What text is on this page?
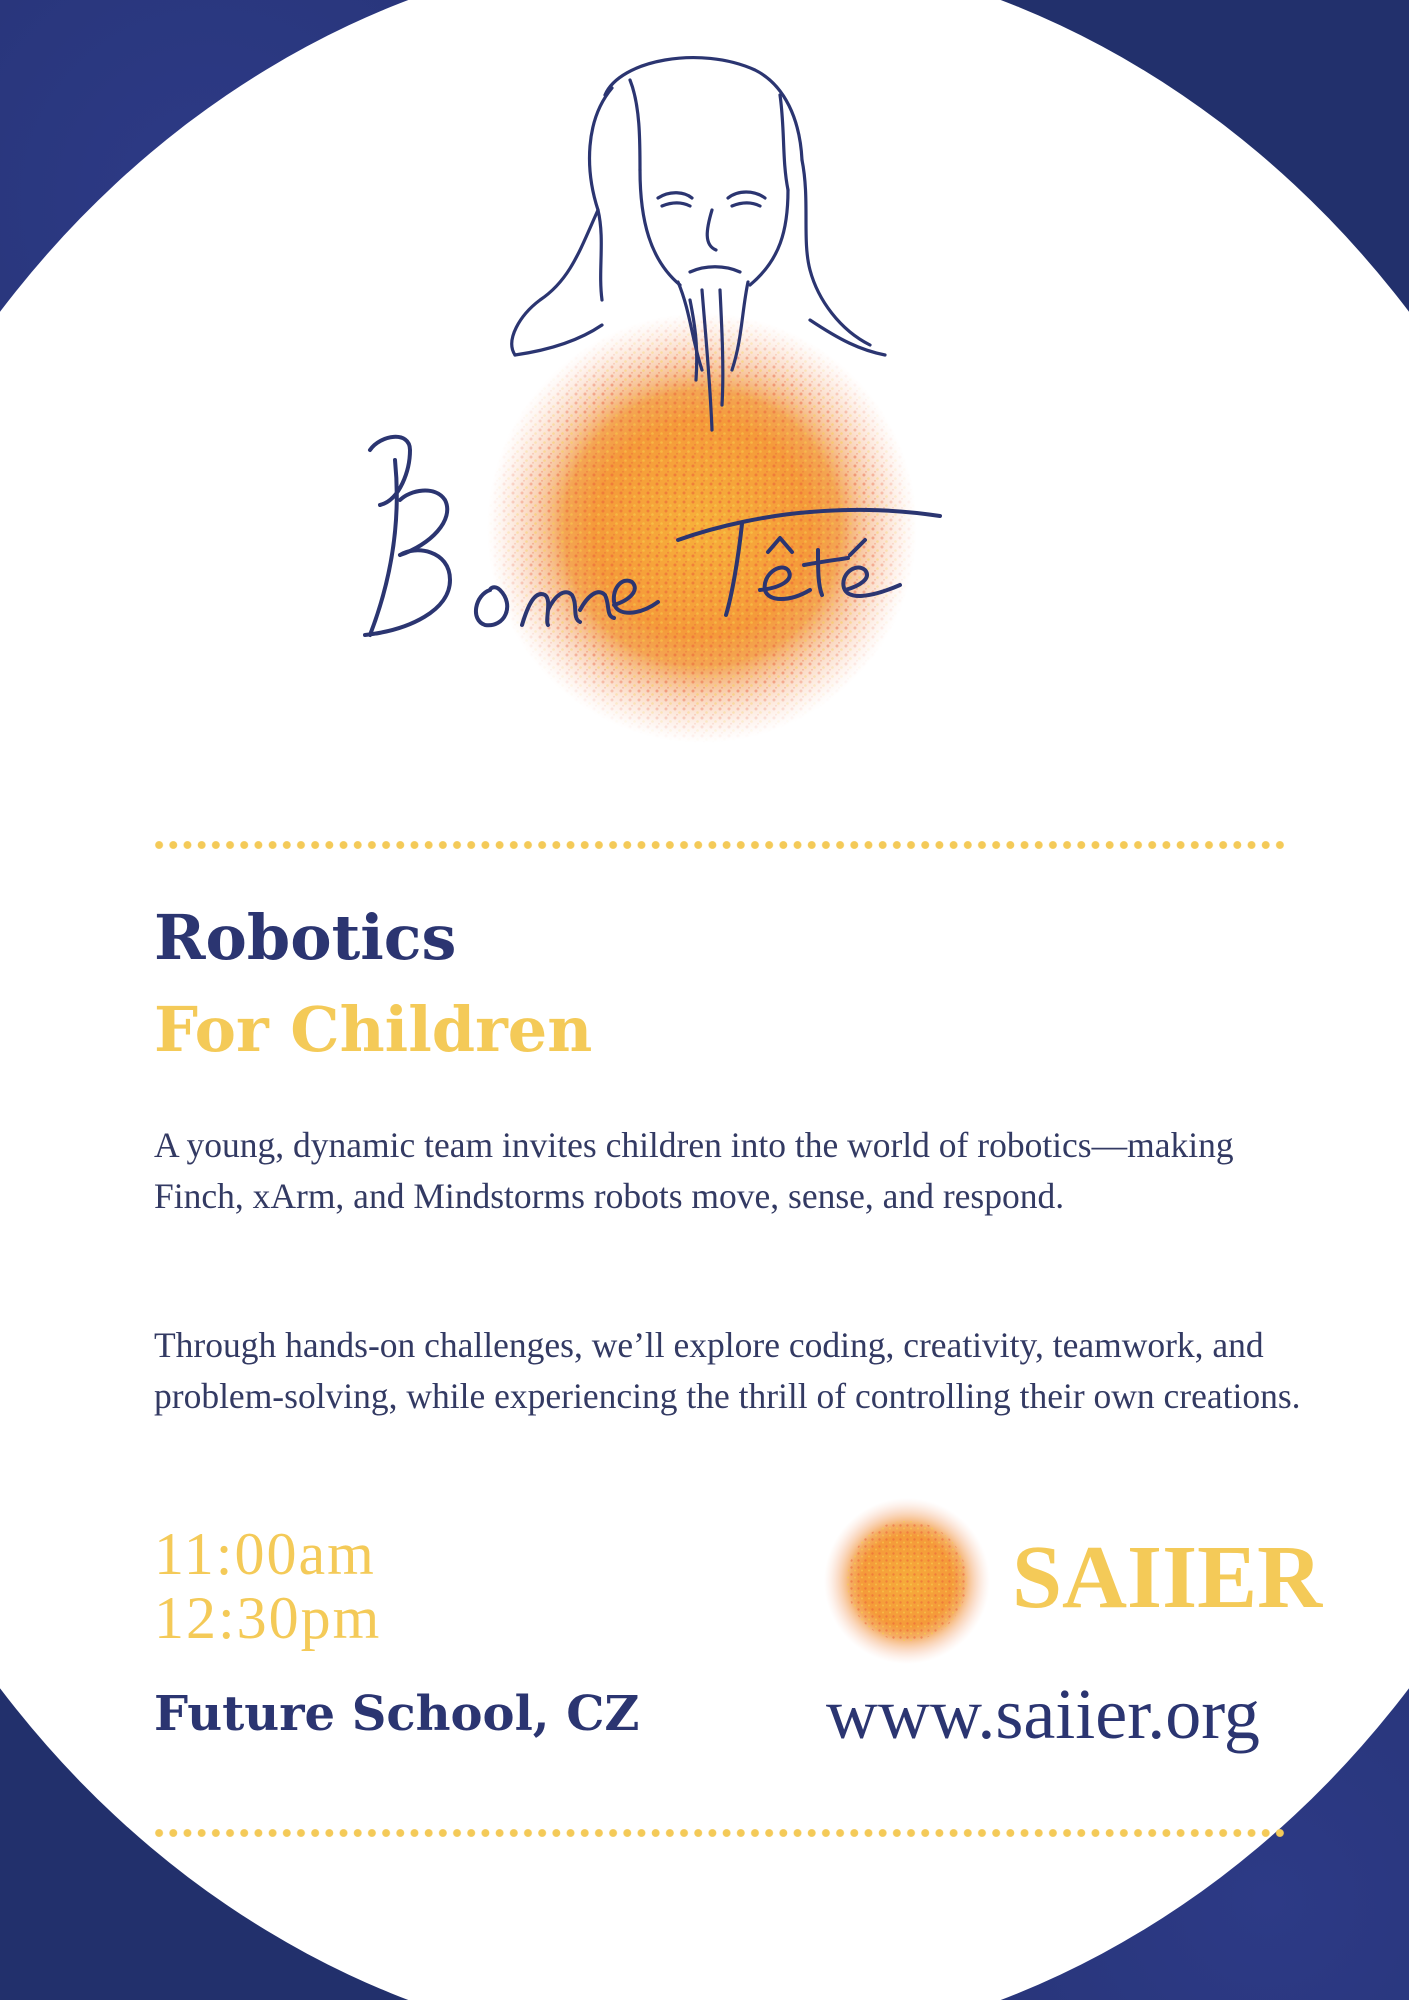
Robotics
For Children

A young, dynamic team invites children into the world of robotics—making Finch, xArm, and Mindstorms robots move, sense, and respond.

Through hands-on challenges, we’ll explore coding, creativity, teamwork, and problem-solving, while experiencing the thrill of controlling their own creations.

11:00am

12:30pm

Future School, CZ

SAIIER

www.saiier.org
